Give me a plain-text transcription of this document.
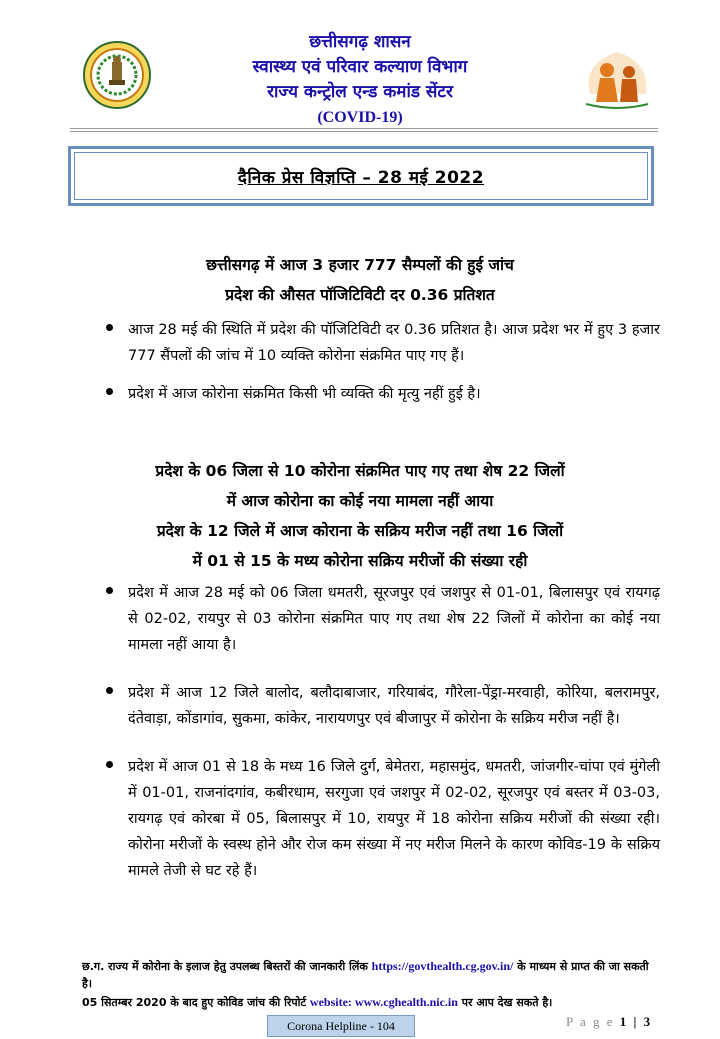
छत्तीसगढ़ शासन
स्वास्थ्य एवं परिवार कल्याण विभाग
राज्य कन्ट्रोल एन्ड कमांड सेंटर
(COVID-19)
दैनिक प्रेस विज्ञप्ति – 28 मई 2022
छत्तीसगढ़ में आज 3 हजार 777 सैम्पलों की हुई जांच
प्रदेश की औसत पॉजिटिविटी दर 0.36 प्रतिशत
आज 28 मई की स्थिति में प्रदेश की पॉजिटिविटी दर 0.36 प्रतिशत है। आज प्रदेश भर में हुए 3 हजार 777 सैंपलों की जांच में 10 व्यक्ति कोरोना संक्रमित पाए गए हैं।
प्रदेश में आज कोरोना संक्रमित किसी भी व्यक्ति की मृत्यु नहीं हुई है।
प्रदेश के 06 जिला से 10 कोरोना संक्रमित पाए गए तथा शेष 22 जिलों
में आज कोरोना का कोई नया मामला नहीं आया
प्रदेश के 12 जिले में आज कोराना के सक्रिय मरीज नहीं तथा 16 जिलों
में 01 से 15 के मध्य कोरोना सक्रिय मरीजों की संख्या रही
प्रदेश में आज 28 मई को 06 जिला धमतरी, सूरजपुर एवं जशपुर से 01-01, बिलासपुर एवं रायगढ़ से 02-02, रायपुर से 03 कोरोना संक्रमित पाए गए तथा शेष 22 जिलों में कोरोना का कोई नया मामला नहीं आया है।
प्रदेश में आज 12 जिले बालोद, बलौदाबाजार, गरियाबंद, गौरेला-पेंड्रा-मरवाही, कोरिया, बलरामपुर, दंतेवाड़ा, कोंडागांव, सुकमा, कांकेर, नारायणपुर एवं बीजापुर में कोरोना के सक्रिय मरीज नहीं है।
प्रदेश में आज 01 से 18 के मध्य 16 जिले दुर्ग, बेमेतरा, महासमुंद, धमतरी, जांजगीर-चांपा एवं मुंगेली में 01-01, राजनांदगांव, कबीरधाम, सरगुजा एवं जशपुर में 02-02, सूरजपुर एवं बस्तर में 03-03, रायगढ़ एवं कोरबा में 05, बिलासपुर में 10, रायपुर में 18 कोरोना सक्रिय मरीजों की संख्या रही। कोरोना मरीजों के स्वस्थ होने और रोज कम संख्या में नए मरीज मिलने के कारण कोविड-19 के सक्रिय मामले तेजी से घट रहे हैं।
छ.ग. राज्य में कोरोना के इलाज हेतु उपलब्ध बिस्तरों की जानकारी लिंक https://govthealth.cg.gov.in/ के माध्यम से प्राप्त की जा सकती है।
05 सितम्बर 2020 के बाद हुए कोविड जांच की रिपोर्ट website: www.cghealth.nic.in पर आप देख सकते है।
Corona Helpline - 104	P a g e 1 | 3
